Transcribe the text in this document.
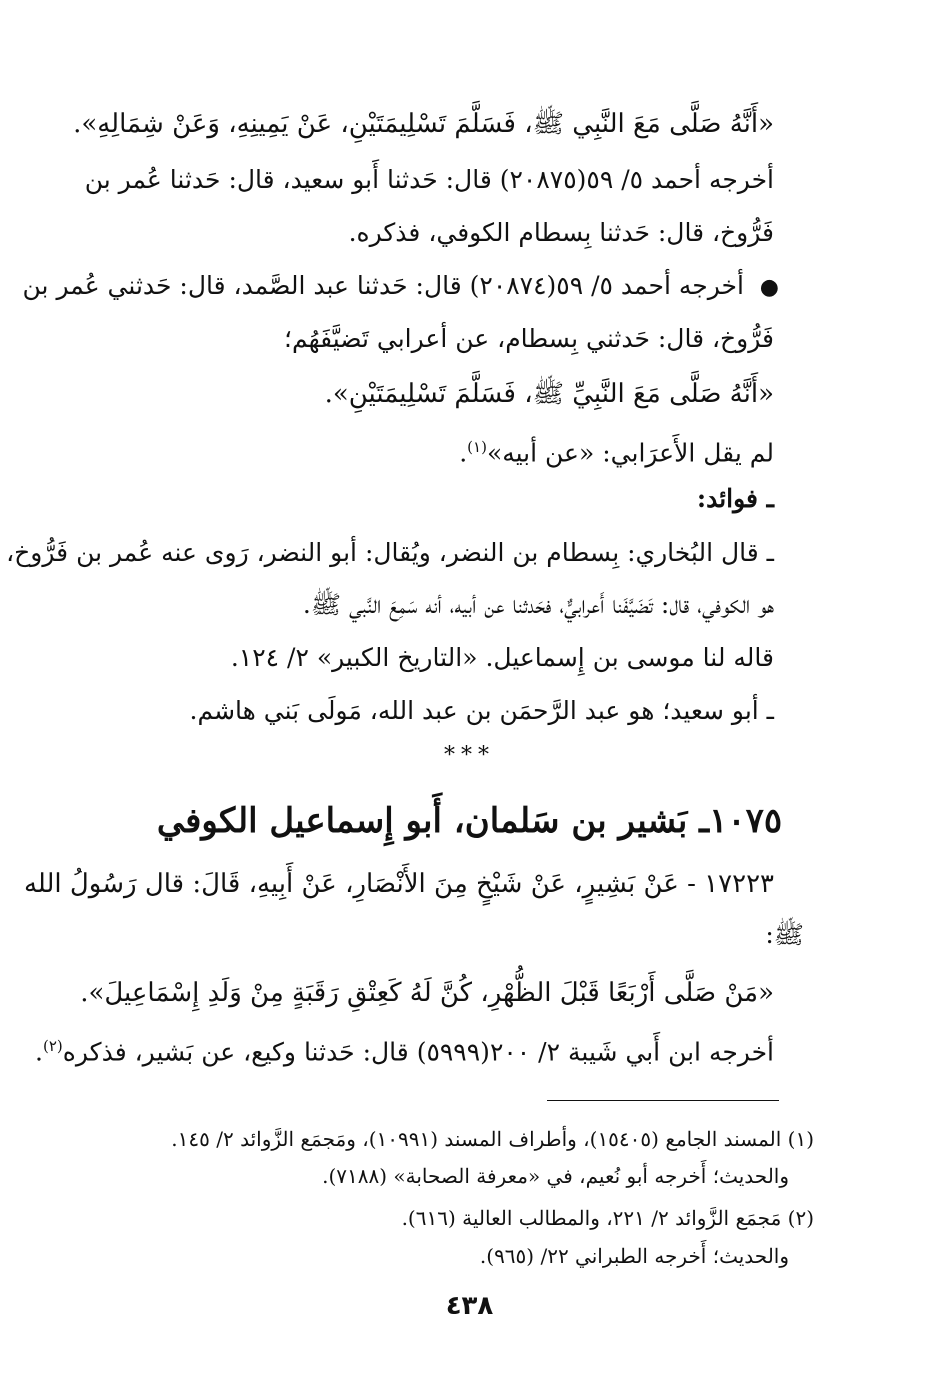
«أَنَّهُ صَلَّى مَعَ النَّبِي ﷺ، فَسَلَّمَ تَسْلِيمَتَيْنِ، عَنْ يَمِينِهِ، وَعَنْ شِمَالِهِ».
أخرجه أحمد ٥/ ٥٩(٢٠٨٧٥) قال: حَدثنا أَبو سعيد، قال: حَدثنا عُمر بن
فَرُّوخ، قال: حَدثنا بِسطام الكوفي، فذكره.
●  أخرجه أحمد ٥/ ٥٩(٢٠٨٧٤) قال: حَدثنا عبد الصَّمد، قال: حَدثني عُمر بن
فَرُّوخ، قال: حَدثني بِسطام، عن أعرابي تَضيَّفَهُم؛
«أَنَّهُ صَلَّى مَعَ النَّبِيِّ ﷺ، فَسَلَّمَ تَسْلِيمَتَيْنِ».
لم يقل الأَعرَابي: «عن أبيه»$^{(١)}$.
ـ فوائد:
ـ قال البُخاري: بِسطام بن النضر، ويُقال: أبو النضر، رَوى عنه عُمر بن فَرُّوخ،
هو الكوفي، قال: تَضَيَّفَنا أَعرابيٌّ، فحَدثنا عن أبيه، أنه سَمِعَ النَّبي ﷺ.
قاله لنا موسى بن إِسماعيل. «التاريخ الكبير» ٢/ ١٢٤.
ـ أبو سعيد؛ هو عبد الرَّحمَن بن عبد الله، مَولَى بَني هاشم.
***
١٠٧٥ـ بَشير بن سَلمان، أَبو إِسماعيل الكوفي
١٧٢٢٣ - عَنْ بَشِيرٍ، عَنْ شَيْخٍ مِنَ الأَنْصَارِ، عَنْ أَبِيهِ، قَالَ: قال رَسُولُ الله
ﷺ:
«مَنْ صَلَّى أَرْبَعًا قَبْلَ الظُّهْرِ، كُنَّ لَهُ كَعِتْقِ رَقَبَةٍ مِنْ وَلَدِ إِسْمَاعِيلَ».
أخرجه ابن أَبي شَيبة ٢/ ٢٠٠(٥٩٩٩) قال: حَدثنا وكيع، عن بَشير، فذكره$^{(٢)}$.
(١) المسند الجامع (١٥٤٠٥)، وأطراف المسند (١٠٩٩١)، ومَجمَع الزَّوائد ٢/ ١٤٥.
والحديث؛ أَخرجه أبو نُعيم، في «معرفة الصحابة» (٧١٨٨).
(٢) مَجمَع الزَّوائد ٢/ ٢٢١، والمطالب العالية (٦١٦).
والحديث؛ أَخرجه الطبراني ٢٢/ (٩٦٥).
٤٣٨
